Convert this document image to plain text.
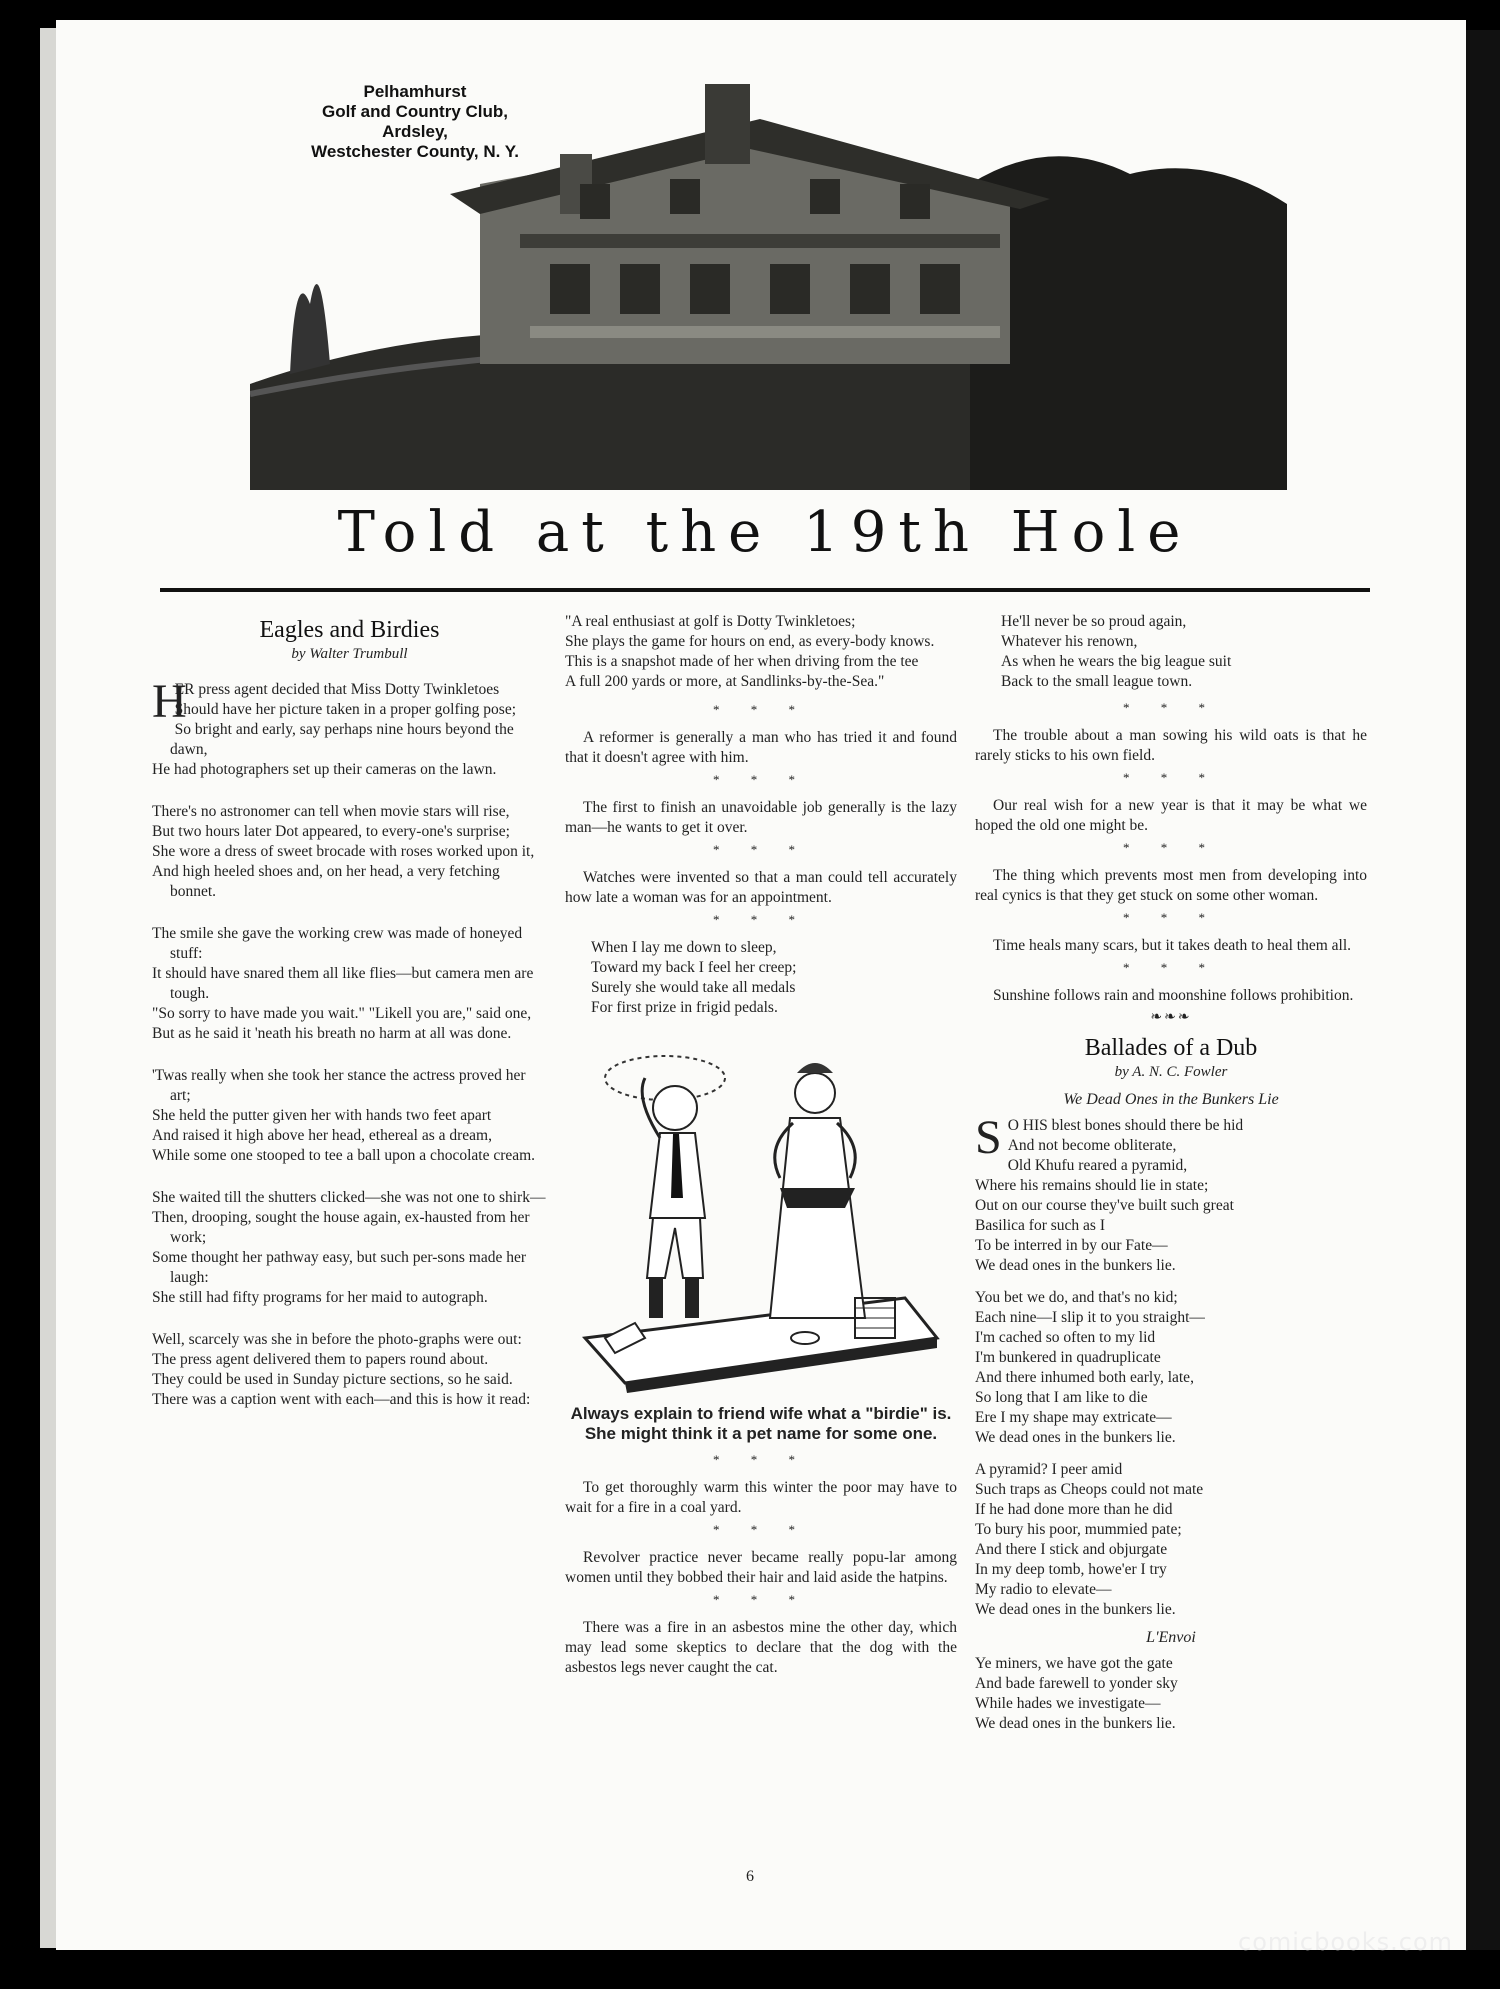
Pelhamhurst
Golf and Country Club,
Ardsley,
Westchester County, N. Y.
Told at the 19th Hole
Eagles and Birdies
by Walter Trumbull
H
ER press agent decided that Miss Dotty Twinkletoes
Should have her picture taken in a proper golfing pose;
So bright and early, say perhaps nine hours beyond the dawn,
He had photographers set up their cameras on the lawn.
There's no astronomer can tell when movie stars will rise,
But two hours later Dot appeared, to every-one's surprise;
She wore a dress of sweet brocade with roses worked upon it,
And high heeled shoes and, on her head, a very fetching bonnet.
The smile she gave the working crew was made of honeyed stuff:
It should have snared them all like flies—but camera men are tough.
"So sorry to have made you wait." "Likell you are," said one,
But as he said it 'neath his breath no harm at all was done.
'Twas really when she took her stance the actress proved her art;
She held the putter given her with hands two feet apart
And raised it high above her head, ethereal as a dream,
While some one stooped to tee a ball upon a chocolate cream.
She waited till the shutters clicked—she was not one to shirk—
Then, drooping, sought the house again, ex-hausted from her work;
Some thought her pathway easy, but such per-sons made her laugh:
She still had fifty programs for her maid to autograph.
Well, scarcely was she in before the photo-graphs were out:
The press agent delivered them to papers round about.
They could be used in Sunday picture sections, so he said.
There was a caption went with each—and this is how it read:
"A real enthusiast at golf is Dotty Twinkletoes;
She plays the game for hours on end, as every-body knows.
This is a snapshot made of her when driving from the tee
A full 200 yards or more, at Sandlinks-by-the-Sea."
* * *
A reformer is generally a man who has tried it and found that it doesn't agree with him.
* * *
The first to finish an unavoidable job generally is the lazy man—he wants to get it over.
* * *
Watches were invented so that a man could tell accurately how late a woman was for an appointment.
* * *
When I lay me down to sleep,
Toward my back I feel her creep;
Surely she would take all medals
For first prize in frigid pedals.
Always explain to friend wife what a "birdie" is. She might think it a pet name for some one.
* * *
To get thoroughly warm this winter the poor may have to wait for a fire in a coal yard.
* * *
Revolver practice never became really popu-lar among women until they bobbed their hair and laid aside the hatpins.
* * *
There was a fire in an asbestos mine the other day, which may lead some skeptics to declare that the dog with the asbestos legs never caught the cat.
He'll never be so proud again,
Whatever his renown,
As when he wears the big league suit
Back to the small league town.
* * *
The trouble about a man sowing his wild oats is that he rarely sticks to his own field.
* * *
Our real wish for a new year is that it may be what we hoped the old one might be.
* * *
The thing which prevents most men from developing into real cynics is that they get stuck on some other woman.
* * *
Time heals many scars, but it takes death to heal them all.
* * *
Sunshine follows rain and moonshine follows prohibition.
❧❧❧
Ballades of a Dub
by A. N. C. Fowler
We Dead Ones in the Bunkers Lie
S O HIS blest bones should there be hid
And not become obliterate,
Old Khufu reared a pyramid,
Where his remains should lie in state;
Out on our course they've built such great
Basilica for such as I
To be interred in by our Fate—
We dead ones in the bunkers lie.
You bet we do, and that's no kid;
Each nine—I slip it to you straight—
I'm cached so often to my lid
I'm bunkered in quadruplicate
And there inhumed both early, late,
So long that I am like to die
Ere I my shape may extricate—
We dead ones in the bunkers lie.
A pyramid? I peer amid
Such traps as Cheops could not mate
If he had done more than he did
To bury his poor, mummied pate;
And there I stick and objurgate
In my deep tomb, howe'er I try
My radio to elevate—
We dead ones in the bunkers lie.
L'Envoi
Ye miners, we have got the gate
And bade farewell to yonder sky
While hades we investigate—
We dead ones in the bunkers lie.
6
comicbooks.com
